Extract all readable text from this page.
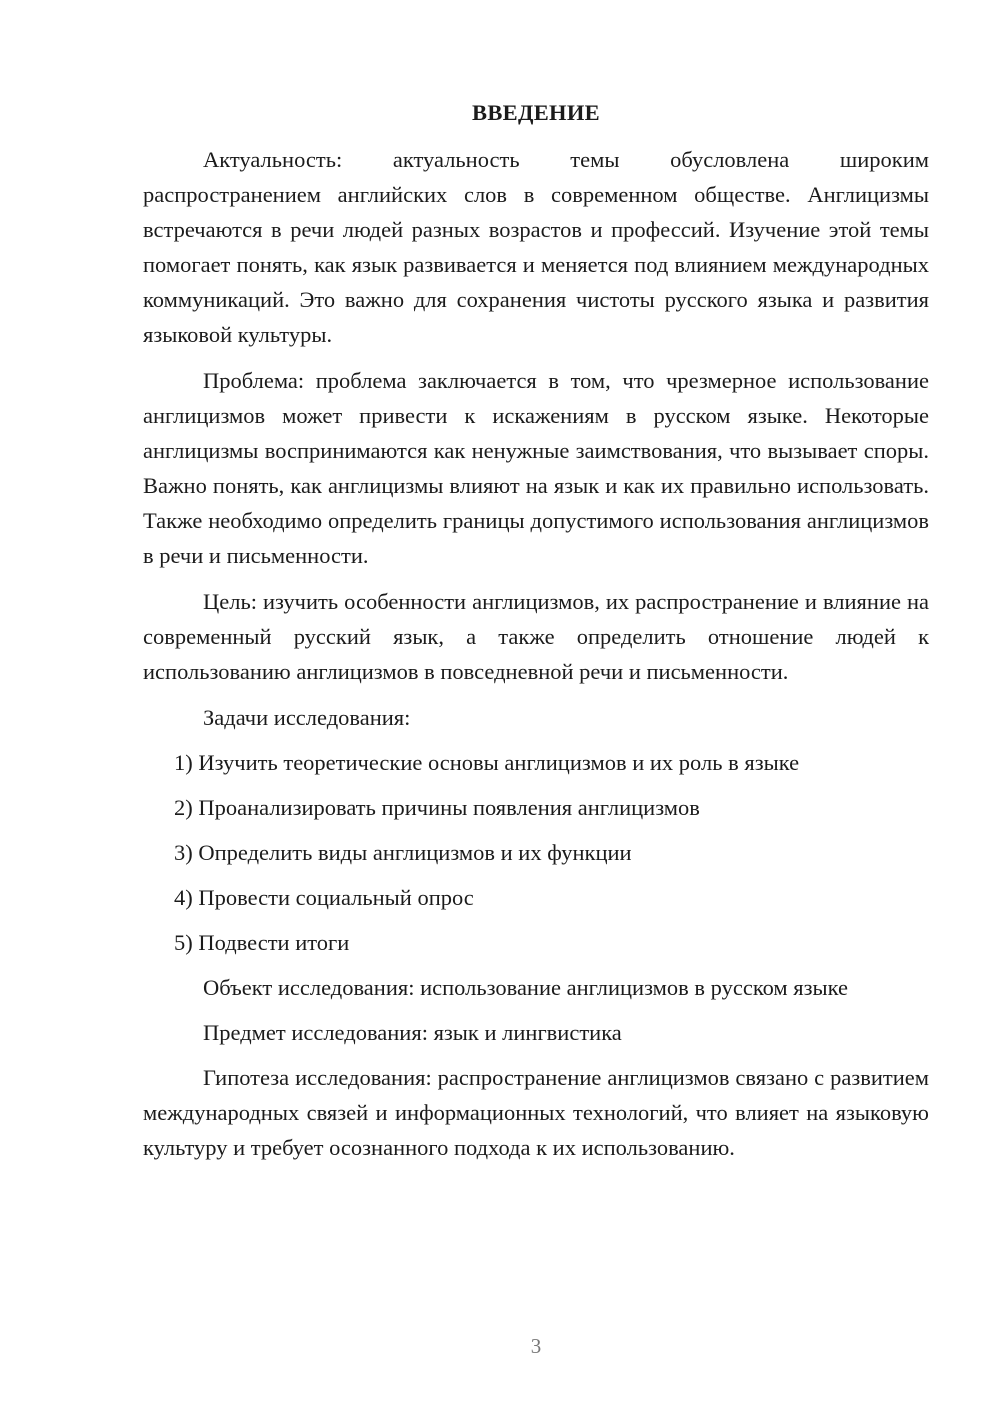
ВВЕДЕНИЕ

Актуальность: актуальность темы обусловлена широким распространением английских слов в современном обществе. Англицизмы встречаются в речи людей разных возрастов и профессий. Изучение этой темы помогает понять, как язык развивается и меняется под влиянием международных коммуникаций. Это важно для сохранения чистоты русского языка и развития языковой культуры.

Проблема: проблема заключается в том, что чрезмерное использование англицизмов может привести к искажениям в русском языке. Некоторые англицизмы воспринимаются как ненужные заимствования, что вызывает споры. Важно понять, как англицизмы влияют на язык и как их правильно использовать. Также необходимо определить границы допустимого использования англицизмов в речи и письменности.

Цель: изучить особенности англицизмов, их распространение и влияние на современный русский язык, а также определить отношение людей к использованию англицизмов в повседневной речи и письменности.

Задачи исследования:

1) Изучить теоретические основы англицизмов и их роль в языке
2) Проанализировать причины появления англицизмов
3) Определить виды англицизмов и их функции
4) Провести социальный опрос
5) Подвести итоги

Объект исследования: использование англицизмов в русском языке

Предмет исследования: язык и лингвистика

Гипотеза исследования: распространение англицизмов связано с развитием международных связей и информационных технологий, что влияет на языковую культуру и требует осознанного подхода к их использованию.

3
